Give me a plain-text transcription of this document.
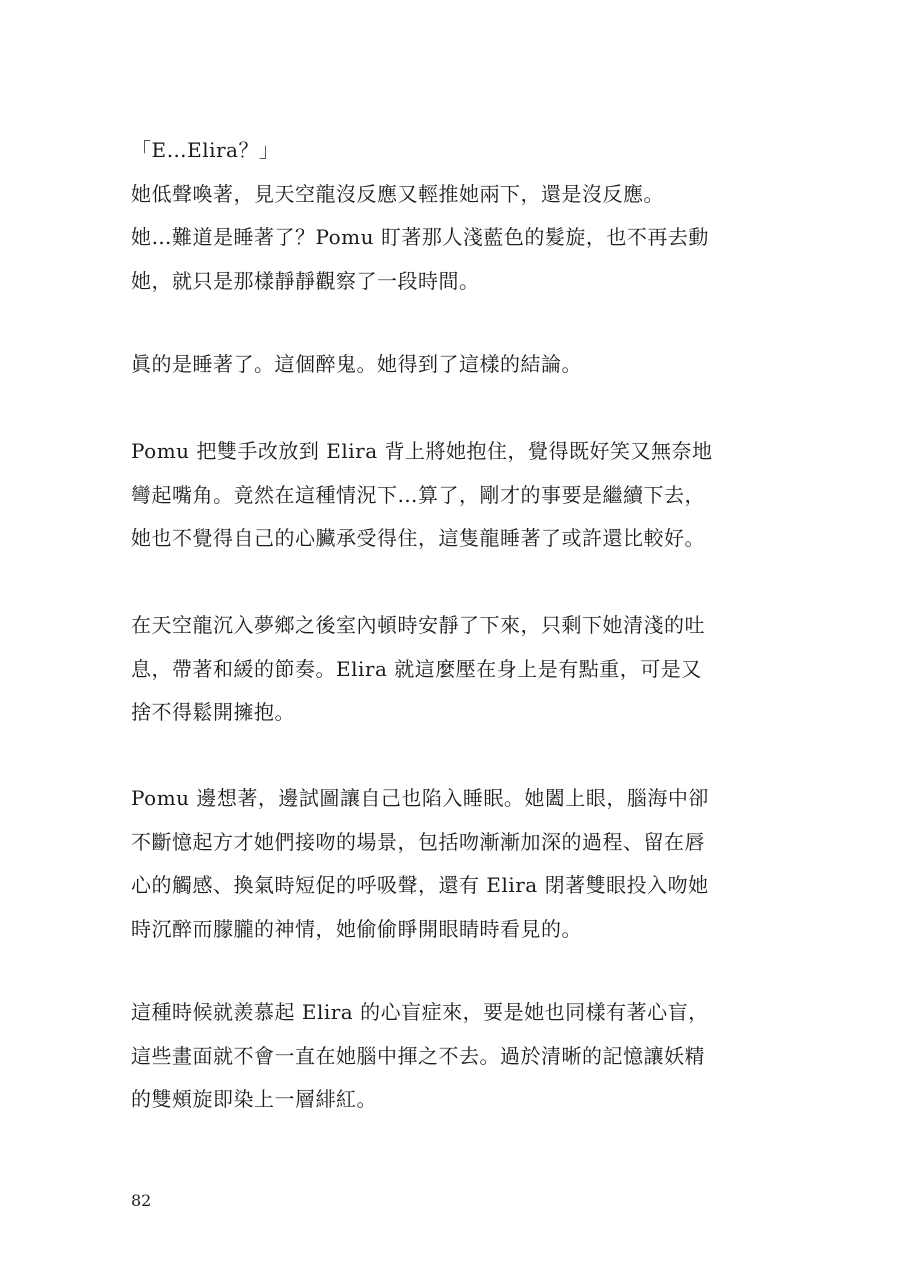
「E…Elira？」
她低聲喚著，見天空龍沒反應又輕推她兩下，還是沒反應。
她…難道是睡著了？Pomu 盯著那人淺藍色的髮旋，也不再去動
她，就只是那樣靜靜觀察了一段時間。
眞的是睡著了。這個醉鬼。她得到了這樣的結論。
Pomu 把雙手改放到 Elira 背上將她抱住，覺得既好笑又無奈地
彎起嘴角。竟然在這種情況下…算了，剛才的事要是繼續下去，
她也不覺得自己的心臟承受得住，這隻龍睡著了或許還比較好。
在天空龍沉入夢鄉之後室內頓時安靜了下來，只剩下她清淺的吐
息，帶著和緩的節奏。Elira 就這麼壓在身上是有點重，可是又
捨不得鬆開擁抱。
Pomu 邊想著，邊試圖讓自己也陷入睡眠。她闔上眼，腦海中卻
不斷憶起方才她們接吻的場景，包括吻漸漸加深的過程、留在唇
心的觸感、換氣時短促的呼吸聲，還有 Elira 閉著雙眼投入吻她
時沉醉而朦朧的神情，她偷偷睜開眼睛時看見的。
這種時候就羨慕起 Elira 的心盲症來，要是她也同樣有著心盲，
這些畫面就不會一直在她腦中揮之不去。過於清晰的記憶讓妖精
的雙頰旋即染上一層緋紅。
82
